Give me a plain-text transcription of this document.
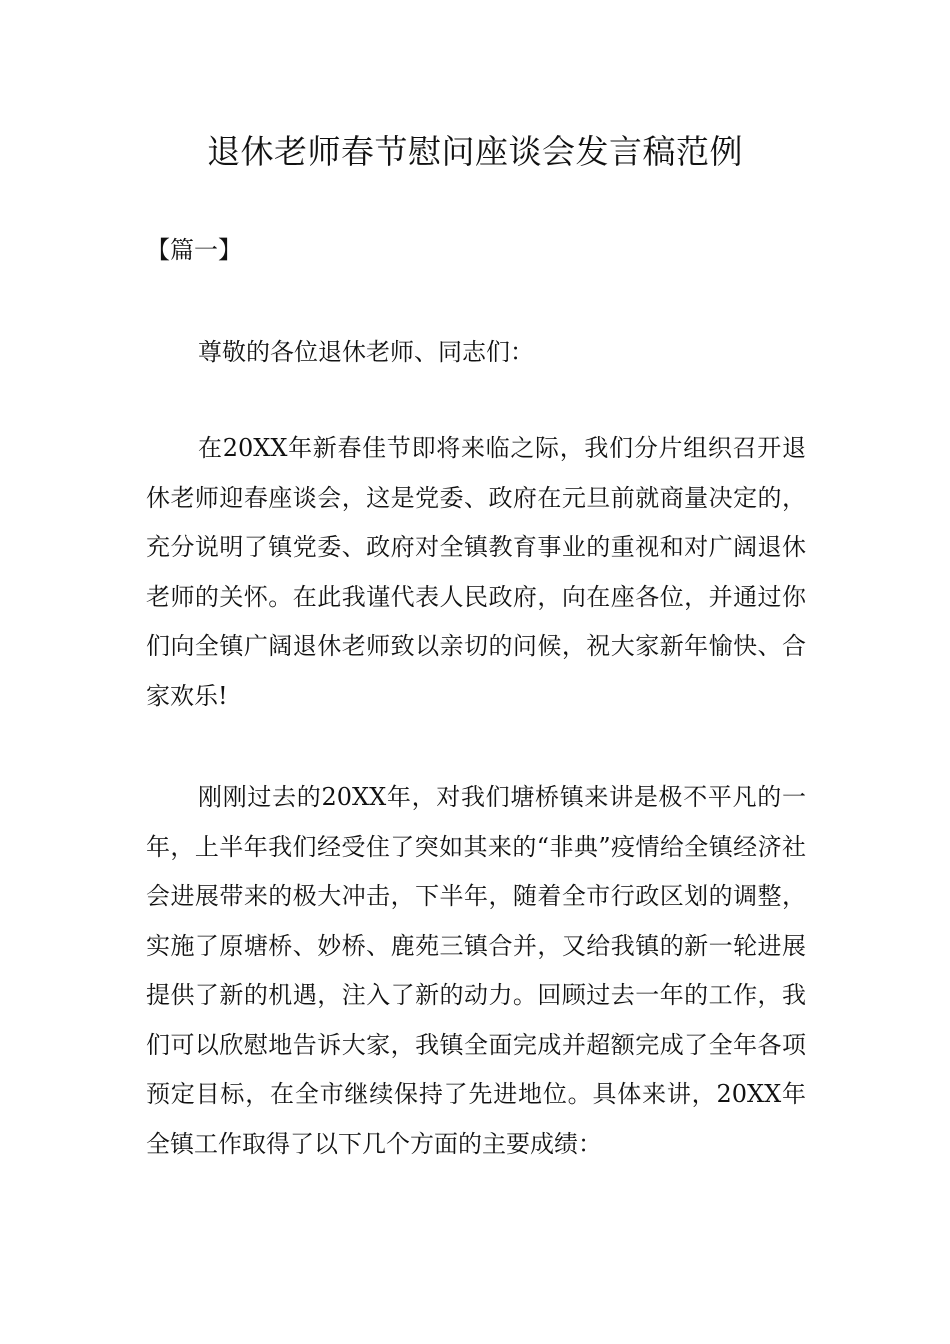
退休老师春节慰问座谈会发言稿范例

【篇一】

尊敬的各位退休老师、同志们：

在20XX年新春佳节即将来临之际，我们分片组织召开退休老师迎春座谈会，这是党委、政府在元旦前就商量决定的，充分说明了镇党委、政府对全镇教育事业的重视和对广阔退休老师的关怀。在此我谨代表人民政府，向在座各位，并通过你们向全镇广阔退休老师致以亲切的问候，祝大家新年愉快、合家欢乐!

刚刚过去的20XX年，对我们塘桥镇来讲是极不平凡的一年，上半年我们经受住了突如其来的“非典”疫情给全镇经济社会进展带来的极大冲击，下半年，随着全市行政区划的调整，实施了原塘桥、妙桥、鹿苑三镇合并，又给我镇的新一轮进展提供了新的机遇，注入了新的动力。回顾过去一年的工作，我们可以欣慰地告诉大家，我镇全面完成并超额完成了全年各项预定目标，在全市继续保持了先进地位。具体来讲，20XX年全镇工作取得了以下几个方面的主要成绩：
